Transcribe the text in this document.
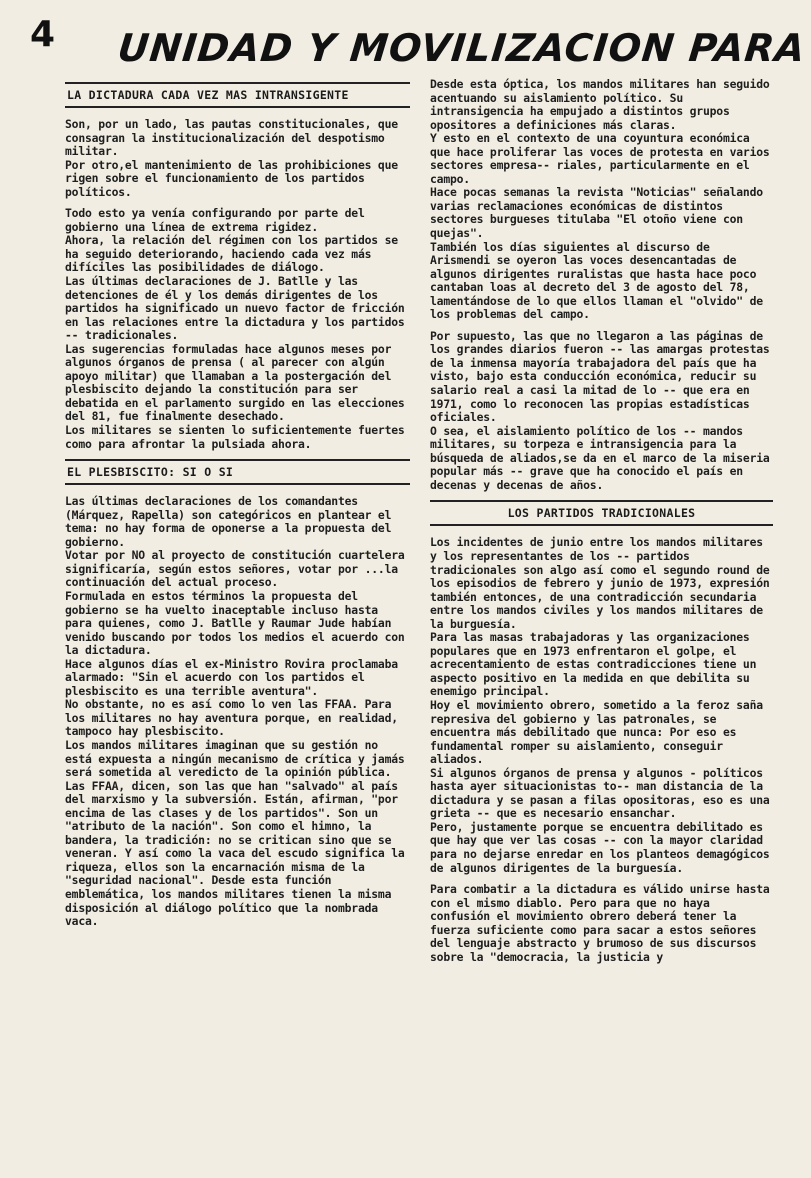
4 UNIDAD Y MOVILIZACION PARA
LA DICTADURA CADA VEZ MAS INTRANSIGENTE

Son, por un lado, las pautas constitucionales, que consagran la institucionalización del despotismo militar.

Por otro,el mantenimiento de las prohibiciones que rigen sobre el funcionamiento de los partidos políticos.

Todo esto ya venía configurando por parte del gobierno una línea de extrema rigidez.

Ahora, la relación del régimen con los partidos se ha seguido deteriorando, haciendo cada vez más difíciles las posibilidades de diálogo.

Las últimas declaraciones de J. Batlle y las detenciones de él y los demás dirigentes de los partidos ha significado un nuevo factor de fricción en las relaciones entre la dictadura y los partidos -- tradicionales.

Las sugerencias formuladas hace algunos meses por algunos órganos de prensa ( al parecer con algún apoyo militar) que llamaban a la postergación del plesbiscito dejando la constitución para ser debatida en el parlamento surgido en las elecciones del 81, fue finalmente desechado.

Los militares se sienten lo suficientemente fuertes como para afrontar la pulsiada ahora.

EL PLESBISCITO: SI O SI

Las últimas declaraciones de los comandantes (Márquez, Rapella) son categóricos en plantear el tema: no hay forma de oponerse a la propuesta del gobierno.

Votar por NO al proyecto de constitución cuartelera significaría, según estos señores, votar por ...la continuación del actual proceso.

Formulada en estos términos la propuesta del gobierno se ha vuelto inaceptable incluso hasta para quienes, como J. Batlle y Raumar Jude habían venido buscando por todos los medios el acuerdo con la dictadura.

Hace algunos días el ex-Ministro Rovira proclamaba alarmado: "Sin el acuerdo con los partidos el plesbiscito es una terrible aventura".

No obstante, no es así como lo ven las FFAA. Para los militares no hay aventura porque, en realidad, tampoco hay plesbiscito.

Los mandos militares imaginan que su gestión no está expuesta a ningún mecanismo de crítica y jamás será sometida al veredicto de la opinión pública.

Las FFAA, dicen, son las que han "salvado" al país del marxismo y la subversión. Están, afirman, "por encima de las clases y de los partidos". Son un "atributo de la nación". Son como el himno, la bandera, la tradición: no se critican sino que se veneran. Y así como la vaca del escudo significa la riqueza, ellos son la encarnación misma de la "seguridad nacional". Desde esta función emblemática, los mandos militares tienen la misma disposición al diálogo político que la nombrada vaca.

Desde esta óptica, los mandos militares han seguido acentuando su aislamiento político. Su intransigencia ha empujado a distintos grupos opositores a definiciones más claras.

Y esto en el contexto de una coyuntura económica que hace proliferar las voces de protesta en varios sectores empresa-- riales, particularmente en el campo.

Hace pocas semanas la revista "Noticias" señalando varias reclamaciones económicas de distintos sectores burgueses titulaba "El otoño viene con quejas".

También los días siguientes al discurso de Arismendi se oyeron las voces desencantadas de algunos dirigentes ruralistas que hasta hace poco cantaban loas al decreto del 3 de agosto del 78, lamentándose de lo que ellos llaman el "olvido" de los problemas del campo.

Por supuesto, las que no llegaron a las páginas de los grandes diarios fueron -- las amargas protestas de la inmensa mayoría trabajadora del país que ha visto, bajo esta conducción económica, reducir su salario real a casi la mitad de lo -- que era en 1971, como lo reconocen las propias estadísticas oficiales.

O sea, el aislamiento político de los -- mandos militares, su torpeza e intransigencia para la búsqueda de aliados,se da en el marco de la miseria popular más -- grave que ha conocido el país en decenas y decenas de años.

LOS PARTIDOS TRADICIONALES

Los incidentes de junio entre los mandos militares y los representantes de los -- partidos tradicionales son algo así como el segundo round de los episodios de febrero y junio de 1973, expresión también entonces, de una contradicción secundaria entre los mandos civiles y los mandos militares de la burguesía.

Para las masas trabajadoras y las organizaciones populares que en 1973 enfrentaron el golpe, el acrecentamiento de estas contradicciones tiene un aspecto positivo en la medida en que debilita su enemigo principal.

Hoy el movimiento obrero, sometido a la feroz saña represiva del gobierno y las patronales, se encuentra más debilitado que nunca: Por eso es fundamental romper su aislamiento, conseguir aliados.

Si algunos órganos de prensa y algunos - políticos hasta ayer situacionistas to-- man distancia de la dictadura y se pasan a filas opositoras, eso es una grieta -- que es necesario ensanchar.

Pero, justamente porque se encuentra debilitado es que hay que ver las cosas -- con la mayor claridad para no dejarse enredar en los planteos demagógicos de algunos dirigentes de la burguesía.

Para combatir a la dictadura es válido unirse hasta con el mismo diablo. Pero para que no haya confusión el movimiento obrero deberá tener la fuerza suficiente como para sacar a estos señores del lenguaje abstracto y brumoso de sus discursos sobre la "democracia, la justicia y
